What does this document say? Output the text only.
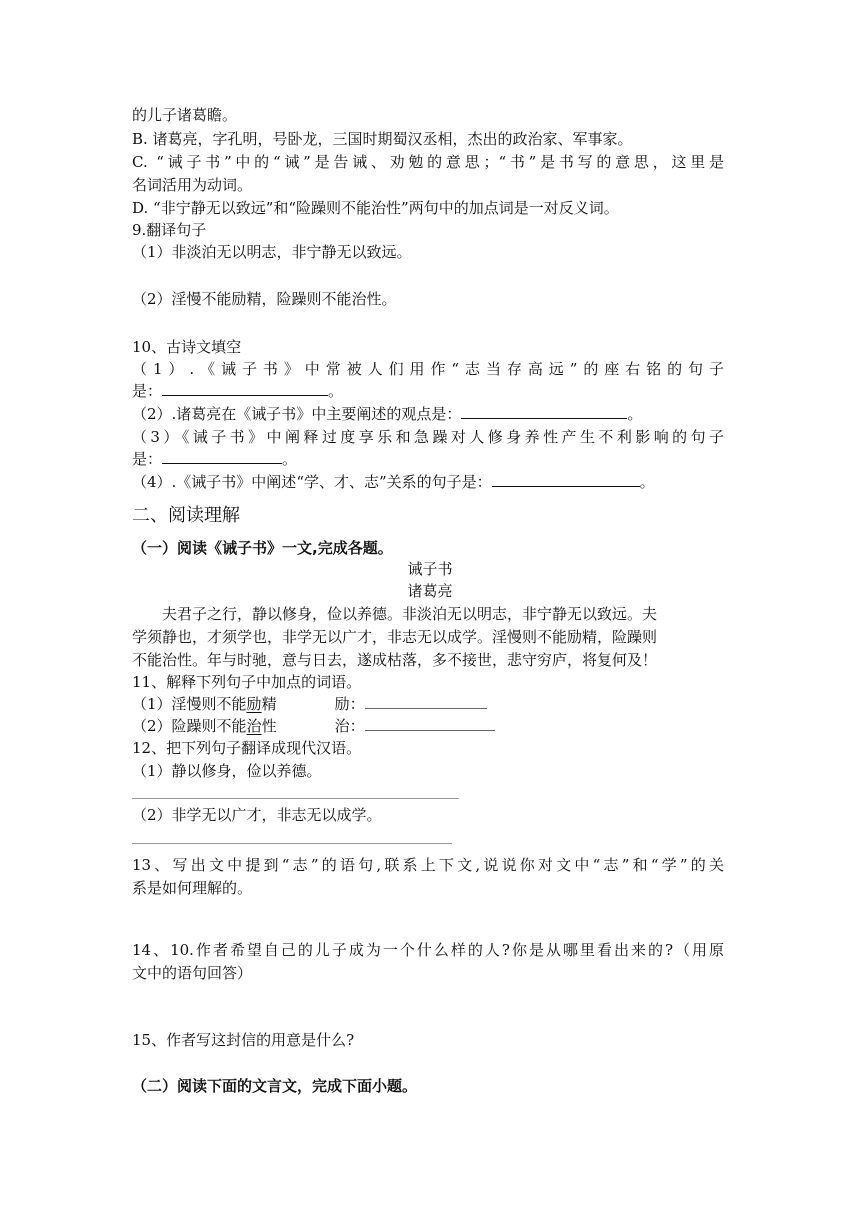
的儿子诸葛瞻。
B. 诸葛亮，字孔明，号卧龙，三国时期蜀汉丞相，杰出的政治家、军事家。
C. “诫子书”中的“诫”是告诫、劝勉的意思；“书”是书写的意思，这里是
名词活用为动词。
D. “非宁静无以致远”和“险躁则不能治性”两句中的加点词是一对反义词。
9.翻译句子
（1）非淡泊无以明志，非宁静无以致远。
（2）淫慢不能励精，险躁则不能治性。
10、古诗文填空
（1）.《诫子书》中常被人们用作“志当存高远”的座右铭的句子
是：	。
（2）.诸葛亮在《诫子书》中主要阐述的观点是：	。
（3）《诫子书》中阐释过度享乐和急躁对人修身养性产生不利影响的句子
是：	。
（4）.《诫子书》中阐述“学、才、志”关系的句子是：	。
二、阅读理解
（一）阅读《诫子书》一文,完成各题。
诫子书
诸葛亮
夫君子之行，静以修身，俭以养德。非淡泊无以明志，非宁静无以致远。夫
学须静也，才须学也，非学无以广才，非志无以成学。淫慢则不能励精，险躁则
不能治性。年与时驰，意与日去，遂成枯落，多不接世，悲守穷庐，将复何及！
11、解释下列句子中加点的词语。
（1）淫慢则不能励精	励：
（2）险躁则不能治性	治：
12、把下列句子翻译成现代汉语。
（1）静以修身，俭以养德。
（2）非学无以广才，非志无以成学。
13、写出文中提到“志”的语句,联系上下文,说说你对文中“志”和“学”的关
系是如何理解的。
14、10.作者希望自己的儿子成为一个什么样的人?你是从哪里看出来的?（用原
文中的语句回答）
15、作者写这封信的用意是什么?
（二）阅读下面的文言文，完成下面小题。
